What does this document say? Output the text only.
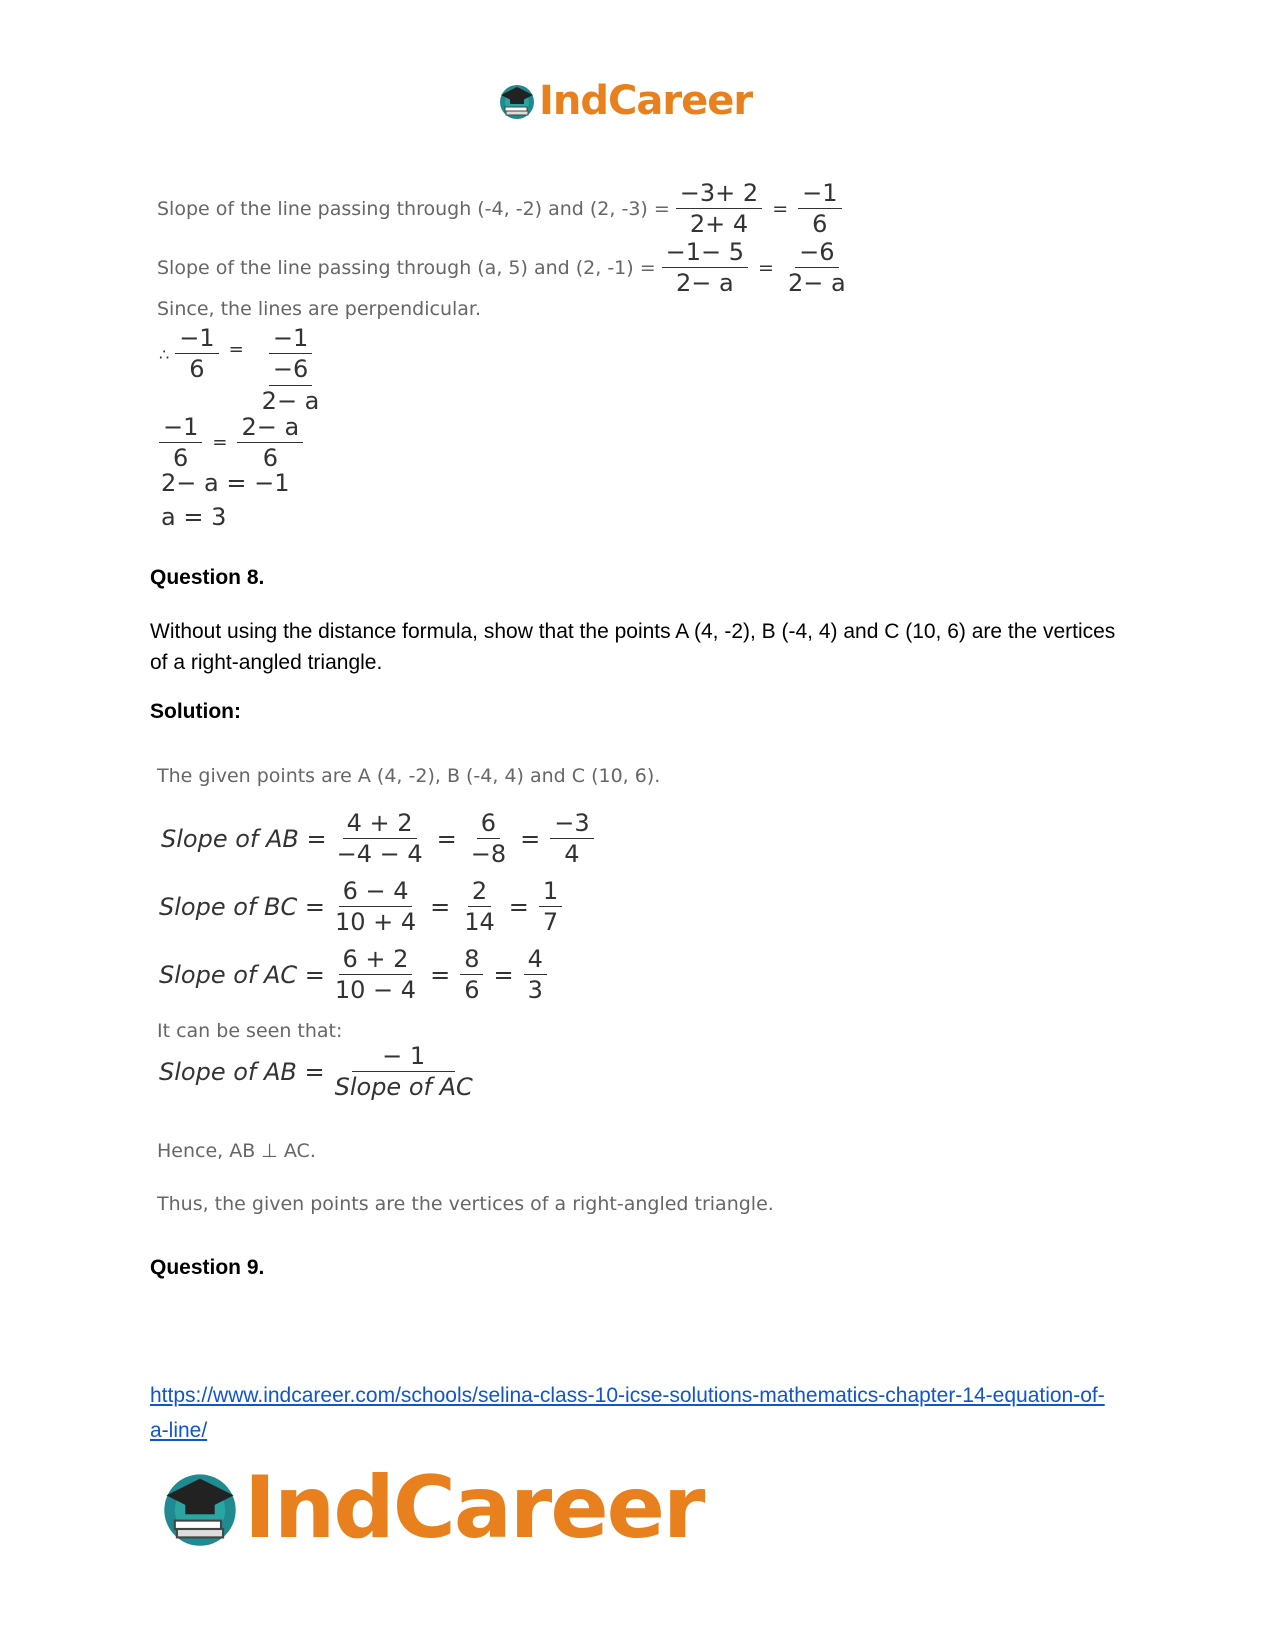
IndCareer
Slope of the line passing through (-4, -2) and (2, $-3) = \frac{-3+ 2}{2+ 4} = \frac{-1}{6}$
Slope of the line passing through (a, 5) and (2, $-1) = \frac{-1- 5}{2- a} = \frac{-6}{2- a}$
Since, the lines are perpendicular.
∴ $\frac{-1}{6} = \frac{-1}{\frac{-6}{2- a}}$
$\frac{-1}{6} = \frac{2- a}{6}$
2− a = −1
a = 3
Question 8.
Without using the distance formula, show that the points A (4, -2), B (-4, 4) and C (10, 6) are the vertices of a right-angled triangle.
Solution:
The given points are A (4, -2), B (-4, 4) and C (10, 6).
Slope of AB = $\frac{4 + 2}{-4 - 4} = \frac{6}{-8} = \frac{-3}{4}$
Slope of BC = $\frac{6 - 4}{10 + 4} = \frac{2}{14} = \frac{1}{7}$
Slope of AC = $\frac{6 + 2}{10 - 4} = \frac{8}{6} = \frac{4}{3}$
It can be seen that:
Slope of AB = $\frac{- 1}{\text{Slope of AC}}$
Hence, AB ⊥ AC.
Thus, the given points are the vertices of a right-angled triangle.
Question 9.
https://www.indcareer.com/schools/selina-class-10-icse-solutions-mathematics-chapter-14-equation-of-a-line/
IndCareer
